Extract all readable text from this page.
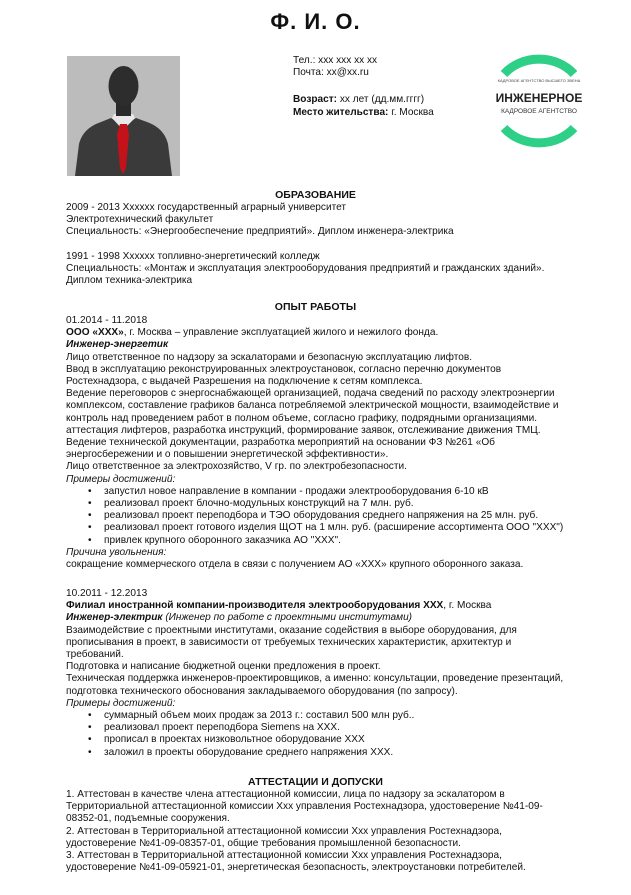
Ф. И. О.
Тел.: xxx xxx xx xx
Почта: xx@xx.ru
Возраст: xx лет (дд.мм.гггг)
Место жительства: г. Москва
КАДРОВОЕ АГЕНТСТВО ВЫСШЕГО ЗВЕНА
ИНЖЕНЕРНОЕ
КАДРОВОЕ АГЕНТСТВО
ОБРАЗОВАНИЕ
2009 - 2013 Хххххх государственный аграрный университет
Электротехнический факультет
Специальность: «Энергообеспечение предприятий». Диплом инженера-электрика
1991 - 1998 Хххххх топливно-энергетический колледж
Специальность: «Монтаж и эксплуатация электрооборудования предприятий и гражданских зданий».
Диплом техника-электрика
ОПЫТ РАБОТЫ
01.2014 - 11.2018
ООО «ХХХ», г. Москва – управление эксплуатацией жилого и нежилого фонда.
Инженер-энергетик
Лицо ответственное по надзору за эскалаторами и безопасную эксплуатацию лифтов.
Ввод в эксплуатацию реконструированных электроустановок, согласно перечню документов
Ростехнадзора, с выдачей Разрешения на подключение к сетям комплекса.
Ведение переговоров с энергоснабжающей организацией, подача сведений по расходу электроэнергии
комплексом, составление графиков баланса потребляемой электрической мощности, взаимодействие и
контроль над проведением работ в полном объеме, согласно графику, подрядными организациями.
аттестация лифтеров, разработка инструкций, формирование заявок, отслеживание движения ТМЦ.
Ведение технической документации, разработка мероприятий на основании ФЗ №261 «Об
энергосбережении и о повышении энергетической эффективности».
Лицо ответственное за электрохозяйство, V гр. по электробезопасности.
Примеры достижений:
• запустил новое направление в компании - продажи электрооборудования 6-10 кВ
• реализовал проект блочно-модульных конструкций на 7 млн. руб.
• реализовал проект переподбора и ТЭО оборудования среднего напряжения на 25 млн. руб.
• реализовал проект готового изделия ЩОТ на 1 млн. руб. (расширение ассортимента ООО "ХХХ")
• привлек крупного оборонного заказчика АО "ХХХ".
Причина увольнения:
сокращение коммерческого отдела в связи с получением АО «ХХХ» крупного оборонного заказа.
10.2011 - 12.2013
Филиал иностранной компании-производителя электрооборудования ХХХ, г. Москва
Инженер-электрик (Инженер по работе с проектными институтами)
Взаимодействие с проектными институтами, оказание содействия в выборе оборудования, для
прописывания в проект, в зависимости от требуемых технических характеристик, архитектур и
требований.
Подготовка и написание бюджетной оценки предложения в проект.
Техническая поддержка инженеров-проектировщиков, а именно: консультации, проведение презентаций,
подготовка технического обоснования закладываемого оборудования (по запросу).
Примеры достижений:
• суммарный объем моих продаж за 2013 г.: составил 500 млн руб..
• реализовал проект переподбора Siemens на ХХХ.
• прописал в проектах низковольтное оборудование ХХХ
• заложил в проекты оборудование среднего напряжения ХХХ.
АТТЕСТАЦИИ И ДОПУСКИ
1. Аттестован в качестве члена аттестационной комиссии, лица по надзору за эскалатором в
Территориальной аттестационной комиссии Ххх управления Ростехнадзора, удостоверение №41-09-
08352-01, подъемные сооружения.
2. Аттестован в Территориальной аттестационной комиссии Ххх управления Ростехнадзора,
удостоверение №41-09-08357-01, общие требования промышленной безопасности.
3. Аттестован в Территориальной аттестационной комиссии Ххх управления Ростехнадзора,
удостоверение №41-09-05921-01, энергетическая безопасность, электроустановки потребителей.
